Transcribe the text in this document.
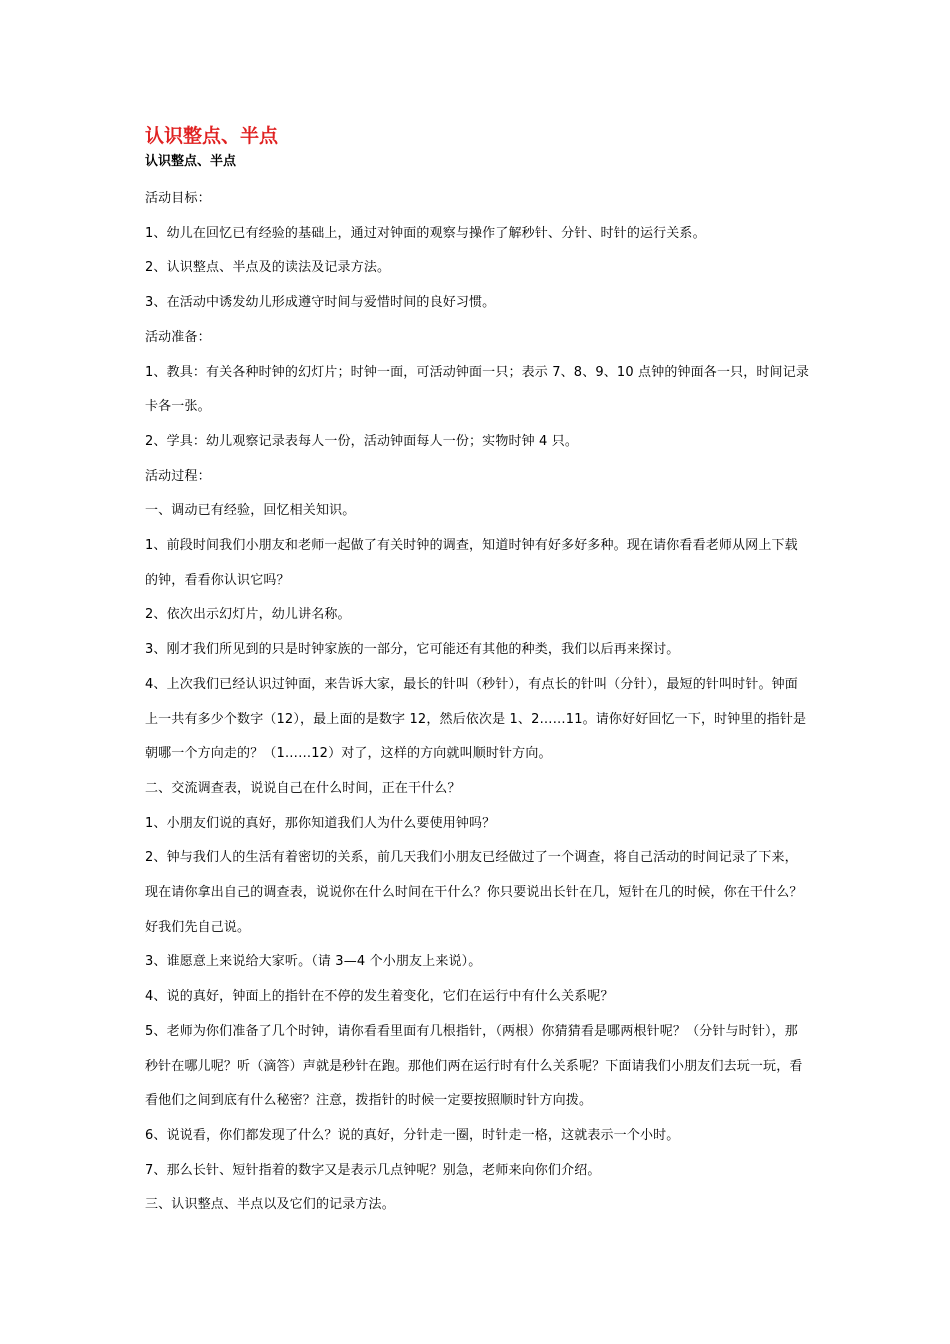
认识整点、半点
认识整点、半点

活动目标：

1、幼儿在回忆已有经验的基础上，通过对钟面的观察与操作了解秒针、分针、时针的运行关系。

2、认识整点、半点及的读法及记录方法。

3、在活动中诱发幼儿形成遵守时间与爱惜时间的良好习惯。

活动准备：

1、教具：有关各种时钟的幻灯片；时钟一面，可活动钟面一只；表示 7、8、9、10 点钟的钟面各一只，时间记录卡各一张。

2、学具：幼儿观察记录表每人一份，活动钟面每人一份；实物时钟 4 只。

活动过程：

一、调动已有经验，回忆相关知识。

1、前段时间我们小朋友和老师一起做了有关时钟的调查，知道时钟有好多好多种。现在请你看看老师从网上下载的钟，看看你认识它吗？

2、依次出示幻灯片，幼儿讲名称。

3、刚才我们所见到的只是时钟家族的一部分，它可能还有其他的种类，我们以后再来探讨。

4、上次我们已经认识过钟面，来告诉大家，最长的针叫（秒针），有点长的针叫（分针），最短的针叫时针。钟面上一共有多少个数字（12），最上面的是数字 12，然后依次是 1、2……11。请你好好回忆一下，时钟里的指针是朝哪一个方向走的？（1……12）对了，这样的方向就叫顺时针方向。

二、交流调查表，说说自己在什么时间，正在干什么？

1、小朋友们说的真好，那你知道我们人为什么要使用钟吗？

2、钟与我们人的生活有着密切的关系，前几天我们小朋友已经做过了一个调查，将自己活动的时间记录了下来，现在请你拿出自己的调查表，说说你在什么时间在干什么？你只要说出长针在几，短针在几的时候，你在干什么？好我们先自己说。

3、谁愿意上来说给大家听。（请 3—4 个小朋友上来说）。

4、说的真好，钟面上的指针在不停的发生着变化，它们在运行中有什么关系呢？

5、老师为你们准备了几个时钟，请你看看里面有几根指针，（两根）你猜猜看是哪两根针呢？（分针与时针），那秒针在哪儿呢？听（滴答）声就是秒针在跑。那他们两在运行时有什么关系呢？下面请我们小朋友们去玩一玩，看看他们之间到底有什么秘密？注意，拨指针的时候一定要按照顺时针方向拨。

6、说说看，你们都发现了什么？说的真好，分针走一圈，时针走一格，这就表示一个小时。

7、那么长针、短针指着的数字又是表示几点钟呢？别急，老师来向你们介绍。

三、认识整点、半点以及它们的记录方法。
